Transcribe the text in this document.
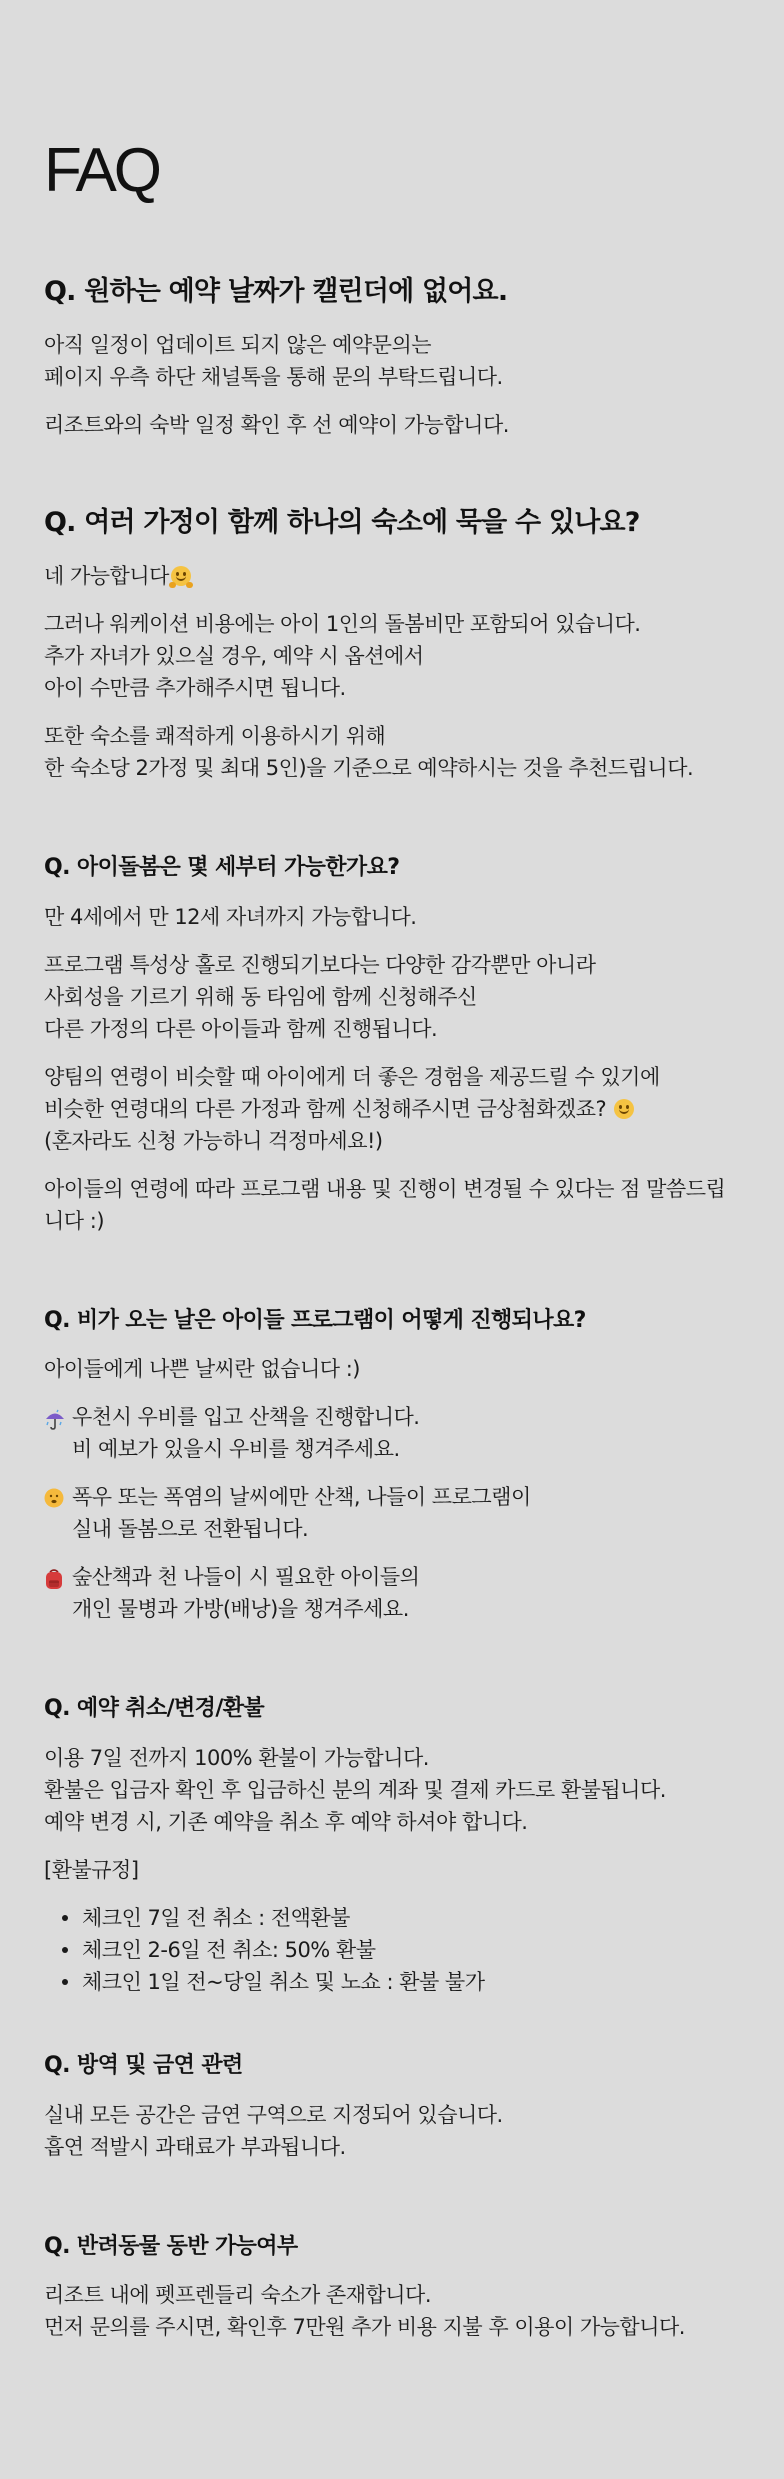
FAQ
Q. 원하는 예약 날짜가 캘린더에 없어요.

아직 일정이 업데이트 되지 않은 예약문의는
페이지 우측 하단 채널톡을 통해 문의 부탁드립니다.

리조트와의 숙박 일정 확인 후 선 예약이 가능합니다.

Q. 여러 가정이 함께 하나의 숙소에 묵을 수 있나요?

네 가능합니다

그러나 워케이션 비용에는 아이 1인의 돌봄비만 포함되어 있습니다.
추가 자녀가 있으실 경우, 예약 시 옵션에서
아이 수만큼 추가해주시면 됩니다.

또한 숙소를 쾌적하게 이용하시기 위해
한 숙소당 2가정 및 최대 5인)을 기준으로 예약하시는 것을 추천드립니다.

Q. 아이돌봄은 몇 세부터 가능한가요?

만 4세에서 만 12세 자녀까지 가능합니다.

프로그램 특성상 홀로 진행되기보다는 다양한 감각뿐만 아니라
사회성을 기르기 위해 동 타임에 함께 신청해주신
다른 가정의 다른 아이들과 함께 진행됩니다.

양팀의 연령이 비슷할 때 아이에게 더 좋은 경험을 제공드릴 수 있기에
비슷한 연령대의 다른 가정과 함께 신청해주시면 금상첨화겠죠?
(혼자라도 신청 가능하니 걱정마세요!)

아이들의 연령에 따라 프로그램 내용 및 진행이 변경될 수 있다는 점 말씀드립니다 :)

Q. 비가 오는 날은 아이들 프로그램이 어떻게 진행되나요?

아이들에게 나쁜 날씨란 없습니다 :)

우천시 우비를 입고 산책을 진행합니다.
비 예보가 있을시 우비를 챙겨주세요.
폭우 또는 폭염의 날씨에만 산책, 나들이 프로그램이
실내 돌봄으로 전환됩니다.
숲산책과 천 나들이 시 필요한 아이들의
개인 물병과 가방(배낭)을 챙겨주세요.
Q. 예약 취소/변경/환불

이용 7일 전까지 100% 환불이 가능합니다.
환불은 입금자 확인 후 입금하신 분의 계좌 및 결제 카드로 환불됩니다.
예약 변경 시, 기존 예약을 취소 후 예약 하셔야 합니다.

[환불규정]

체크인 7일 전 취소 : 전액환불
체크인 2-6일 전 취소: 50% 환불
체크인 1일 전~당일 취소 및 노쇼 : 환불 불가
Q. 방역 및 금연 관련

실내 모든 공간은 금연 구역으로 지정되어 있습니다.
흡연 적발시 과태료가 부과됩니다.

Q. 반려동물 동반 가능여부

리조트 내에 펫프렌들리 숙소가 존재합니다.
먼저 문의를 주시면, 확인후 7만원 추가 비용 지불 후 이용이 가능합니다.
